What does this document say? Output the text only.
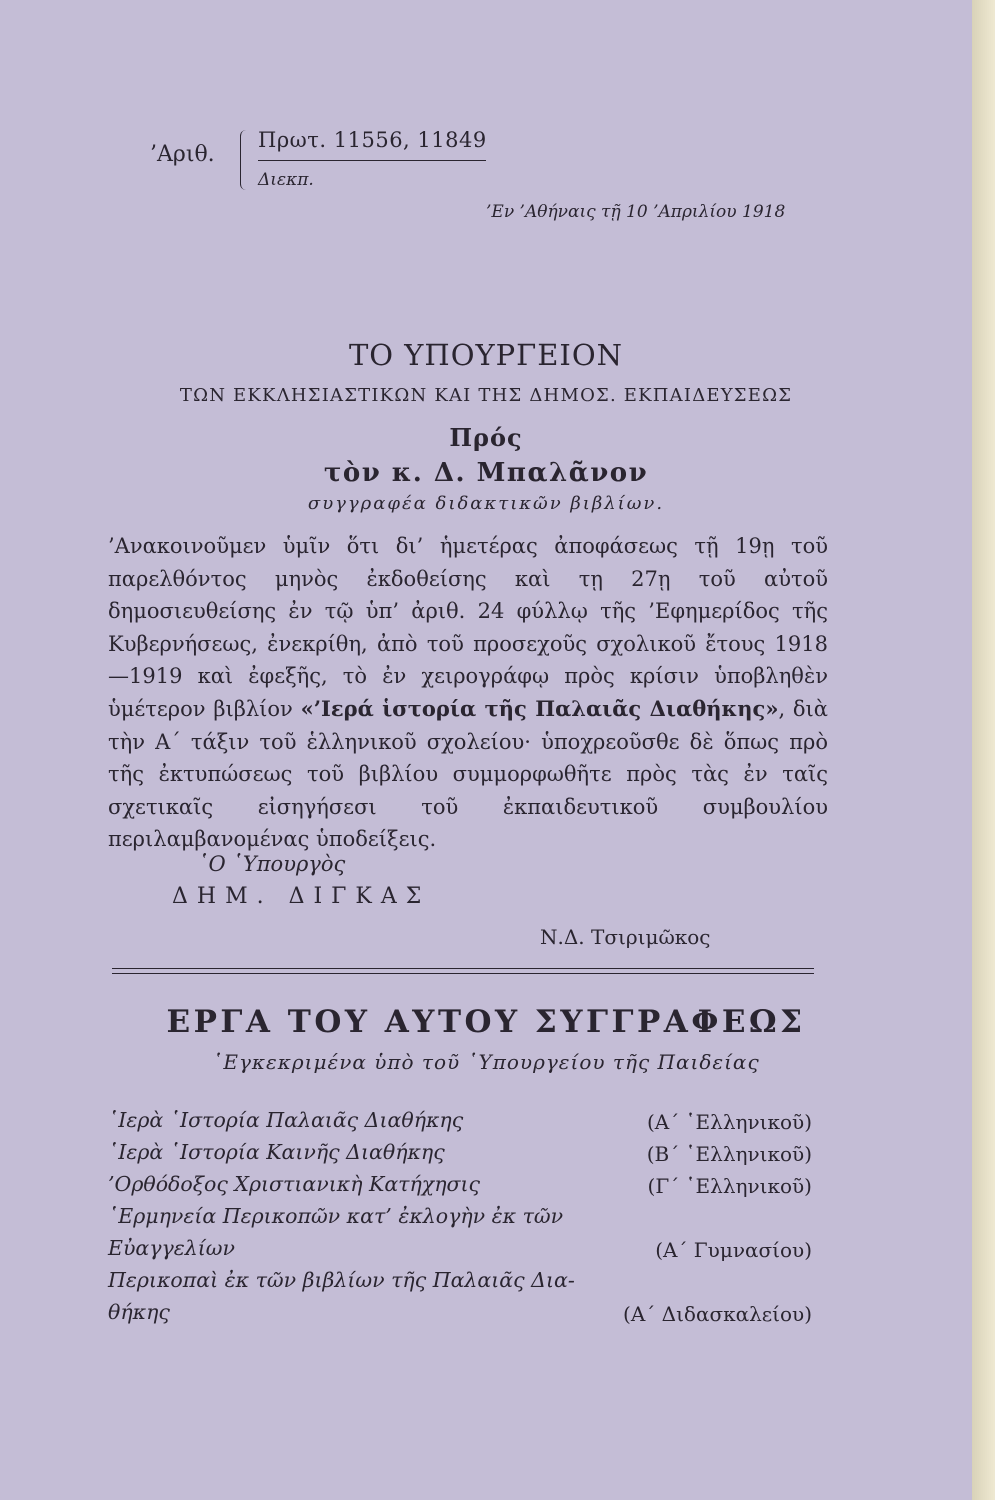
’Αριθ.
Πρωτ. 11556, 11849
Διεκπ.
’Εν ’Αθήναις τῇ 10 ’Απριλίου 1918
ΤΟ ΥΠΟΥΡΓΕΙΟΝ
ΤΩΝ ΕΚΚΛΗΣΙΑΣΤΙΚΩΝ ΚΑΙ ΤΗΣ ΔΗΜΟΣ. ΕΚΠΑΙΔΕΥΣΕΩΣ
Πρός
τὸν κ. Δ. Μπαλᾶνον
συγγραφέα διδακτικῶν βιβλίων.
’Ανακοινοῦμεν ὑμῖν ὅτι δι’ ἡμετέρας ἀποφάσεως τῇ 19ῃ τοῦ παρελθόντος μηνὸς ἐκδοθείσης καὶ τῃ 27ῃ τοῦ αὐτοῦ δημοσιευθείσης ἐν τῷ ὑπ’ ἀριθ. 24 φύλλῳ τῆς ’Εφημερίδος τῆς Κυβερνήσεως, ἐνεκρίθη, ἀπὸ τοῦ προσεχοῦς σχολικοῦ ἔτους 1918—1919 καὶ ἐφεξῆς, τὸ ἐν χειρογράφῳ πρὸς κρίσιν ὑποβληθὲν ὑμέτερον βιβλίον «’Ιερά ἱστορία τῆς Παλαιᾶς Διαθήκης», διὰ τὴν Α΄ τάξιν τοῦ ἑλληνικοῦ σχολείου· ὑποχρεοῦσθε δὲ ὅπως πρὸ τῆς ἐκτυπώσεως τοῦ βιβλίου συμμορφωθῆτε πρὸς τὰς ἐν ταῖς σχετικαῖς εἰσηγήσεσι τοῦ ἐκπαιδευτικοῦ συμβουλίου περιλαμβανομένας ὑποδείξεις.
῾Ο ῾Υπουργὸς
ΔΗΜ. ΔΙΓΚΑΣ
Ν.Δ. Τσιριμῶκος
ΕΡΓΑ ΤΟΥ ΑΥΤΟΥ ΣΥΓΓΡΑΦΕΩΣ
῾Εγκεκριμένα ὑπὸ τοῦ ῾Υπουργείου τῆς Παιδείας
῾Ιερὰ ῾Ιστορία Παλαιᾶς Διαθήκης	(Α΄ ῾Ελληνικοῦ)
῾Ιερὰ ῾Ιστορία Καινῆς Διαθήκης	(Β΄ ῾Ελληνικοῦ)
’Ορθόδοξος Χριστιανικὴ Κατήχησις	(Γ΄ ῾Ελληνικοῦ)
῾Ερμηνεία Περικοπῶν κατ’ ἐκλογὴν ἐκ τῶν
Εὐαγγελίων	(Α΄ Γυμνασίου)
Περικοπαὶ ἐκ τῶν βιβλίων τῆς Παλαιᾶς Δια-
θήκης	(Α΄ Διδασκαλείου)
